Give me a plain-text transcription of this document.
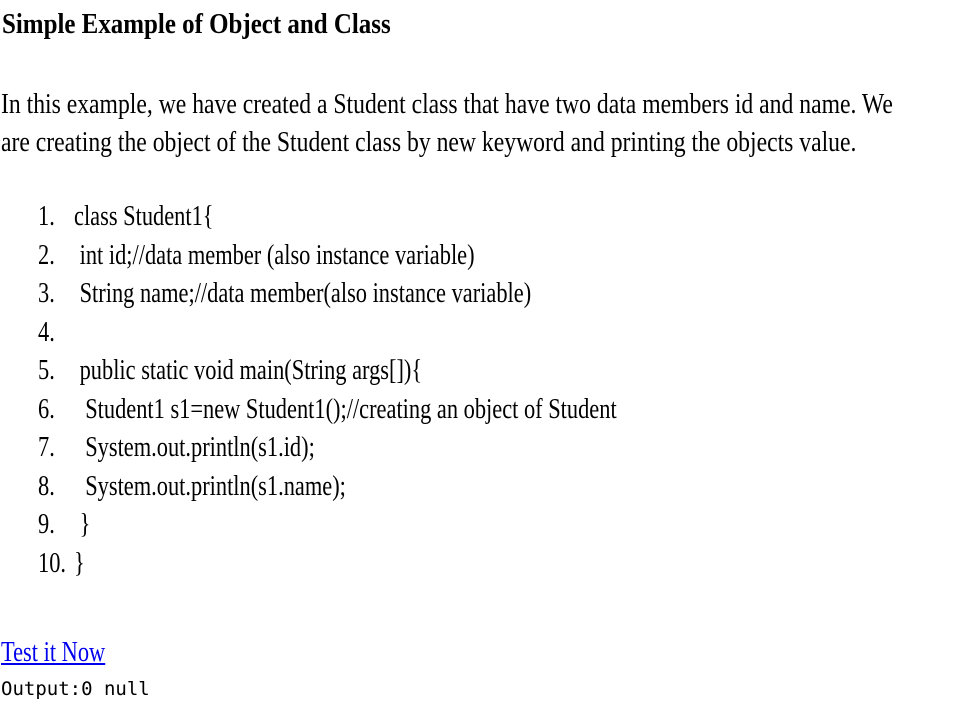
Simple Example of Object and Class

In this example, we have created a Student class that have two data members id and name. We are creating the object of the Student class by new keyword and printing the objects value.

1.

class Student1{

2.

int id;//data member (also instance variable)

3.

String name;//data member(also instance variable)

4.

5.

public static void main(String args[]){

6.

Student1 s1=new Student1();//creating an object of Student

7.

System.out.println(s1.id);

8.

System.out.println(s1.name);

9.

}

10.

}

Test it Now
Output:0 null
